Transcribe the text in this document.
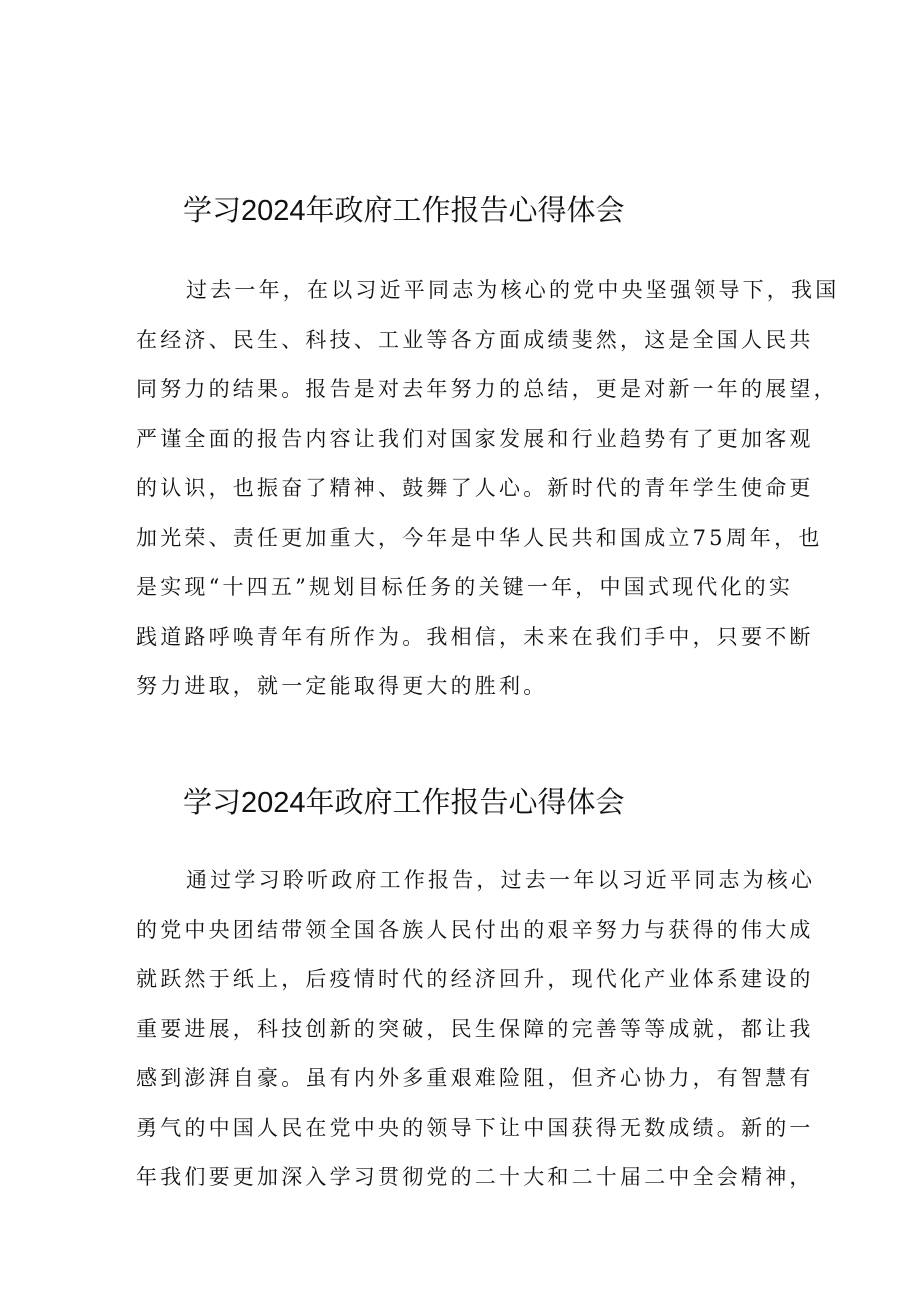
学习2024年政府工作报告心得体会
过去一年，在以习近平同志为核心的党中央坚强领导下，我国
在经济、民生、科技、工业等各方面成绩斐然，这是全国人民共
同努力的结果。报告是对去年努力的总结，更是对新一年的展望，
严谨全面的报告内容让我们对国家发展和行业趋势有了更加客观
的认识，也振奋了精神、鼓舞了人心。新时代的青年学生使命更
加光荣、责任更加重大，今年是中华人民共和国成立75周年，也
是实现“十四五”规划目标任务的关键一年，中国式现代化的实
践道路呼唤青年有所作为。我相信，未来在我们手中，只要不断
努力进取，就一定能取得更大的胜利。
学习2024年政府工作报告心得体会
通过学习聆听政府工作报告，过去一年以习近平同志为核心
的党中央团结带领全国各族人民付出的艰辛努力与获得的伟大成
就跃然于纸上，后疫情时代的经济回升，现代化产业体系建设的
重要进展，科技创新的突破，民生保障的完善等等成就，都让我
感到澎湃自豪。虽有内外多重艰难险阻，但齐心协力，有智慧有
勇气的中国人民在党中央的领导下让中国获得无数成绩。新的一
年我们要更加深入学习贯彻党的二十大和二十届二中全会精神，
